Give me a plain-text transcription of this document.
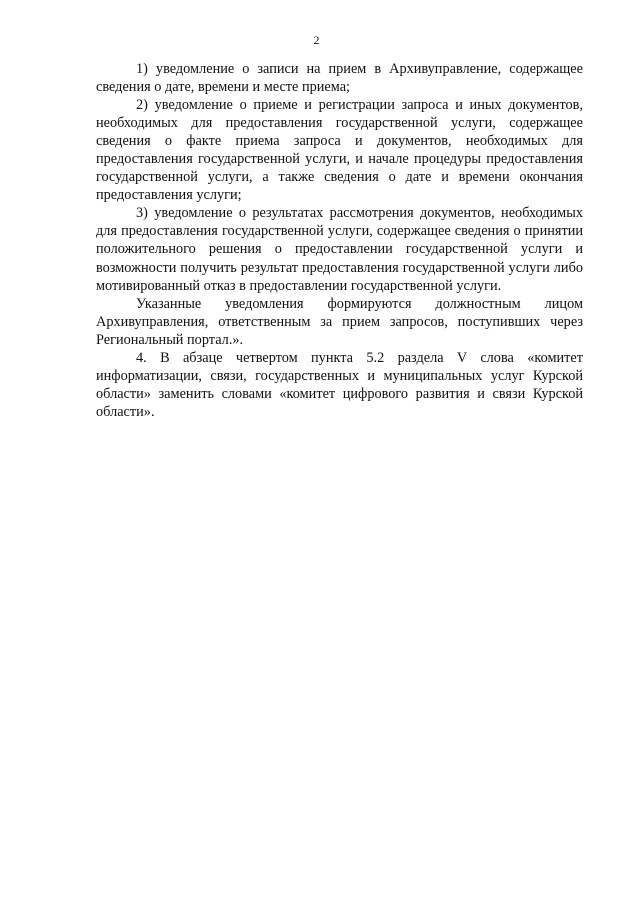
2

1) уведомление о записи на прием в Архивуправление, содержащее сведения о дате, времени и месте приема;

2) уведомление о приеме и регистрации запроса и иных документов, необходимых для предоставления государственной услуги, содержащее сведения о факте приема запроса и документов, необходимых для предоставления государственной услуги, и начале процедуры предоставления государственной услуги, а также сведения о дате и времени окончания предоставления услуги;

3) уведомление о результатах рассмотрения документов, необходимых для предоставления государственной услуги, содержащее сведения о принятии положительного решения о предоставлении государственной услуги и возможности получить результат предоставления государственной услуги либо мотивированный отказ в предоставлении государственной услуги.

Указанные уведомления формируются должностным лицом Архивуправления, ответственным за прием запросов, поступивших через Региональный портал.».

4. В абзаце четвертом пункта 5.2 раздела V слова «комитет информатизации, связи, государственных и муниципальных услуг Курской области» заменить словами «комитет цифрового развития и связи Курской области».
